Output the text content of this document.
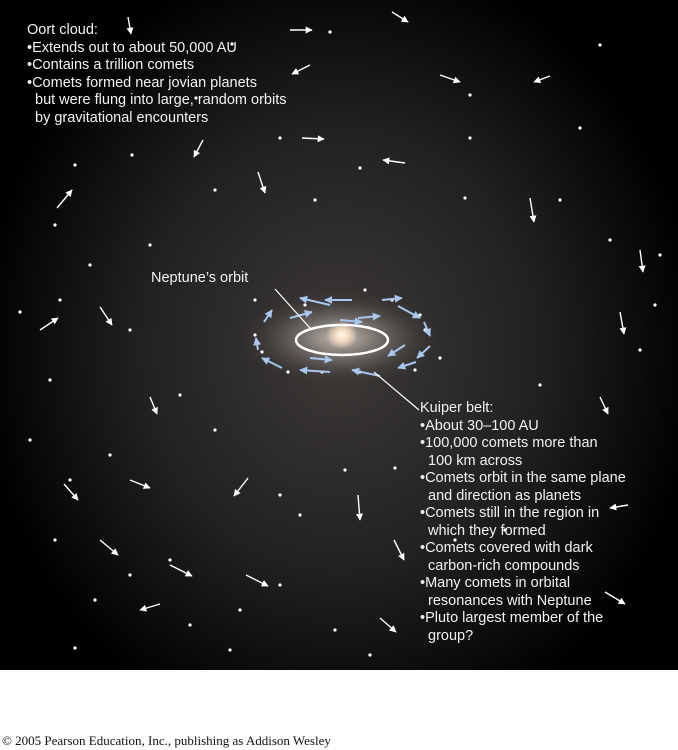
Oort cloud:
• Extends out to about 50,000 AU
• Contains a trillion comets
• Comets formed near jovian planets
but were flung into large, random orbits
by gravitational encounters
Neptune’s orbit
Kuiper belt:
• About 30–100 AU
• 100,000 comets more than
100 km across
• Comets orbit in the same plane
and direction as planets
• Comets still in the region in
which they formed
• Comets covered with dark
carbon-rich compounds
• Many comets in orbital
resonances with Neptune
• Pluto largest member of the
group?
© 2005 Pearson Education, Inc., publishing as Addison Wesley
